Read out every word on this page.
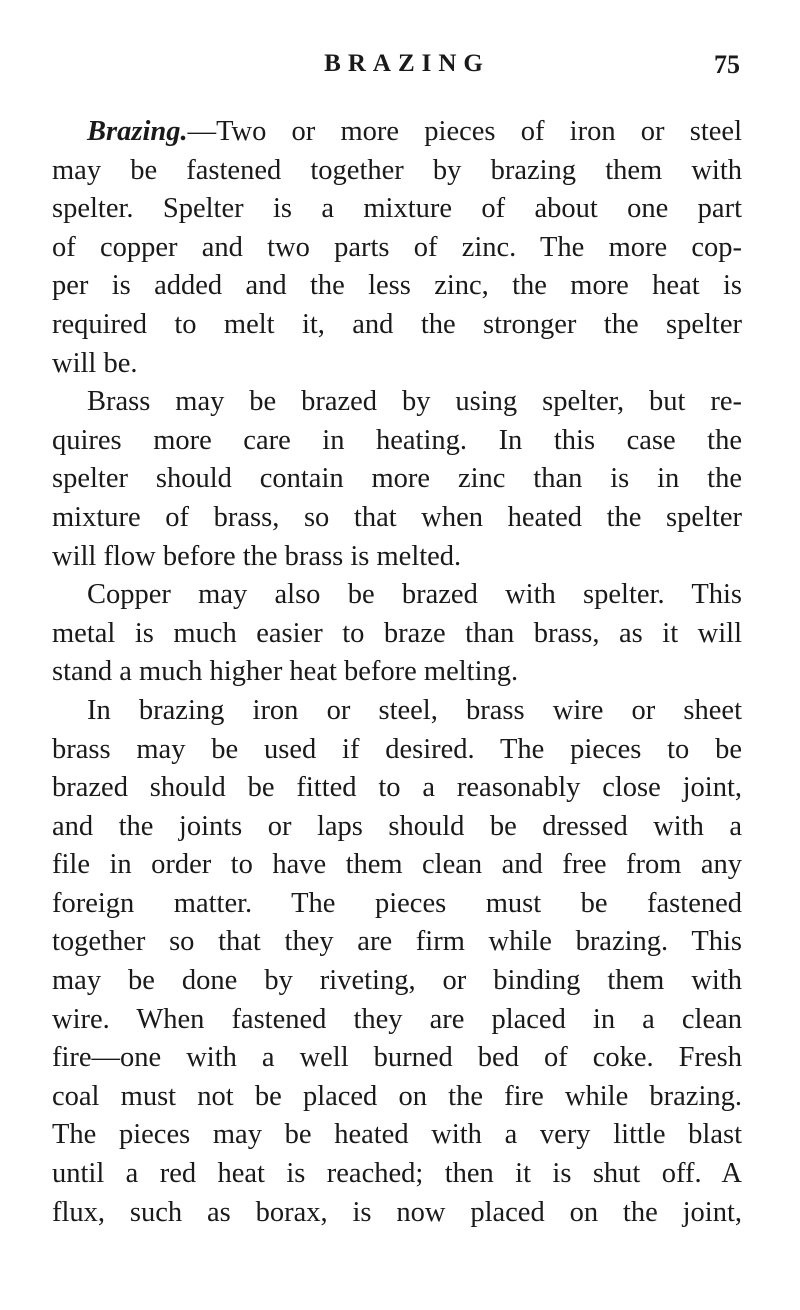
BRAZING	75
Brazing.—Two or more pieces of iron or steel
may be fastened together by brazing them with
spelter. Spelter is a mixture of about one part
of copper and two parts of zinc. The more cop-
per is added and the less zinc, the more heat is
required to melt it, and the stronger the spelter
will be.
Brass may be brazed by using spelter, but re-
quires more care in heating. In this case the
spelter should contain more zinc than is in the
mixture of brass, so that when heated the spelter
will flow before the brass is melted.
Copper may also be brazed with spelter. This
metal is much easier to braze than brass, as it will
stand a much higher heat before melting.
In brazing iron or steel, brass wire or sheet
brass may be used if desired. The pieces to be
brazed should be fitted to a reasonably close joint,
and the joints or laps should be dressed with a
file in order to have them clean and free from any
foreign matter. The pieces must be fastened
together so that they are firm while brazing. This
may be done by riveting, or binding them with
wire. When fastened they are placed in a clean
fire—one with a well burned bed of coke. Fresh
coal must not be placed on the fire while brazing.
The pieces may be heated with a very little blast
until a red heat is reached; then it is shut off. A
flux, such as borax, is now placed on the joint,
